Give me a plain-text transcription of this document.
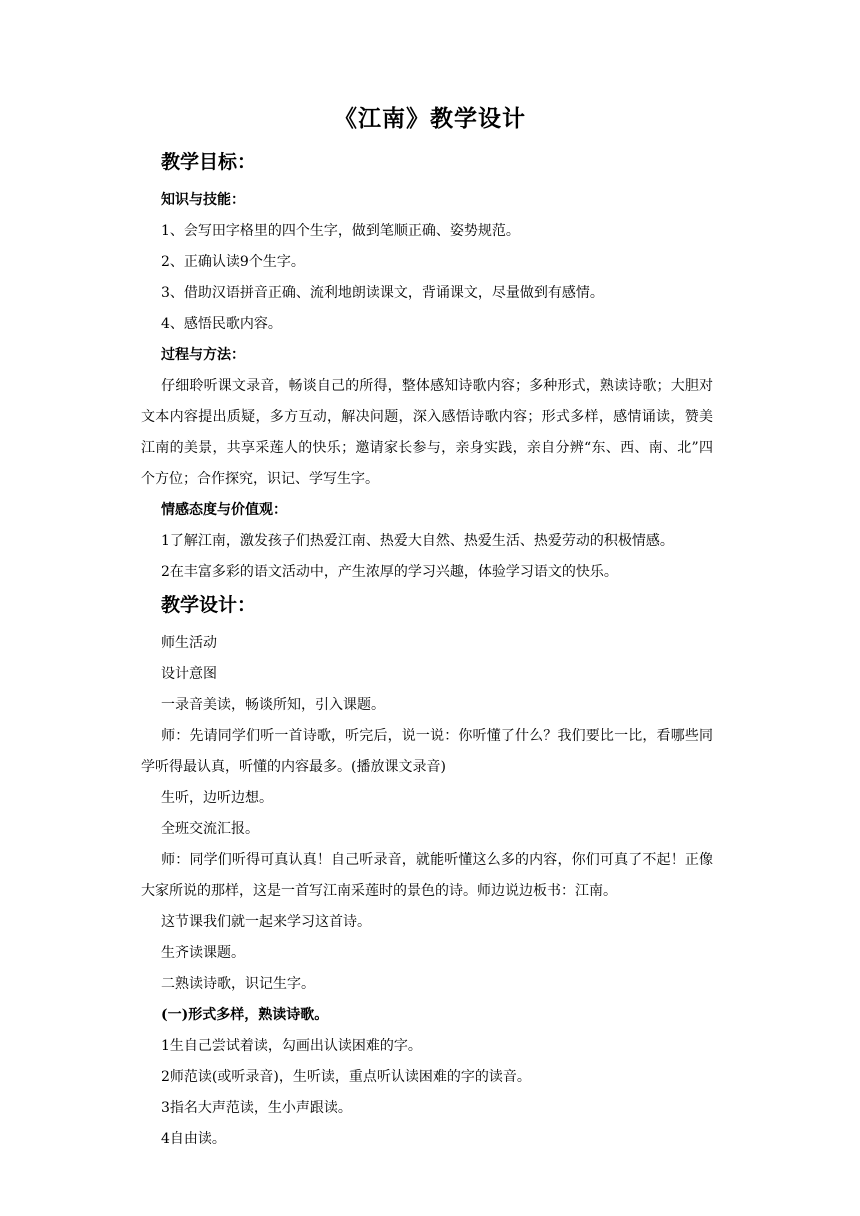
《江南》教学设计
教学目标：
知识与技能：
1、会写田字格里的四个生字，做到笔顺正确、姿势规范。
2、正确认读9个生字。
3、借助汉语拼音正确、流利地朗读课文，背诵课文，尽量做到有感情。
4、感悟民歌内容。
过程与方法：
仔细聆听课文录音，畅谈自己的所得，整体感知诗歌内容；多种形式，熟读诗歌；大胆对文本内容提出质疑，多方互动，解决问题，深入感悟诗歌内容；形式多样，感情诵读，赞美江南的美景，共享采莲人的快乐；邀请家长参与，亲身实践，亲自分辨“东、西、南、北”四个方位；合作探究，识记、学写生字。
情感态度与价值观：
1了解江南，激发孩子们热爱江南、热爱大自然、热爱生活、热爱劳动的积极情感。
2在丰富多彩的语文活动中，产生浓厚的学习兴趣，体验学习语文的快乐。
教学设计：
师生活动
设计意图
一录音美读，畅谈所知，引入课题。
师：先请同学们听一首诗歌，听完后，说一说：你听懂了什么？我们要比一比，看哪些同学听得最认真，听懂的内容最多。(播放课文录音)
生听，边听边想。
全班交流汇报。
师：同学们听得可真认真！自己听录音，就能听懂这么多的内容，你们可真了不起！正像大家所说的那样，这是一首写江南采莲时的景色的诗。师边说边板书：江南。
这节课我们就一起来学习这首诗。
生齐读课题。
二熟读诗歌，识记生字。
(一)形式多样，熟读诗歌。
1生自己尝试着读，勾画出认读困难的字。
2师范读(或听录音)，生听读，重点听认读困难的字的读音。
3指名大声范读，生小声跟读。
4自由读。
